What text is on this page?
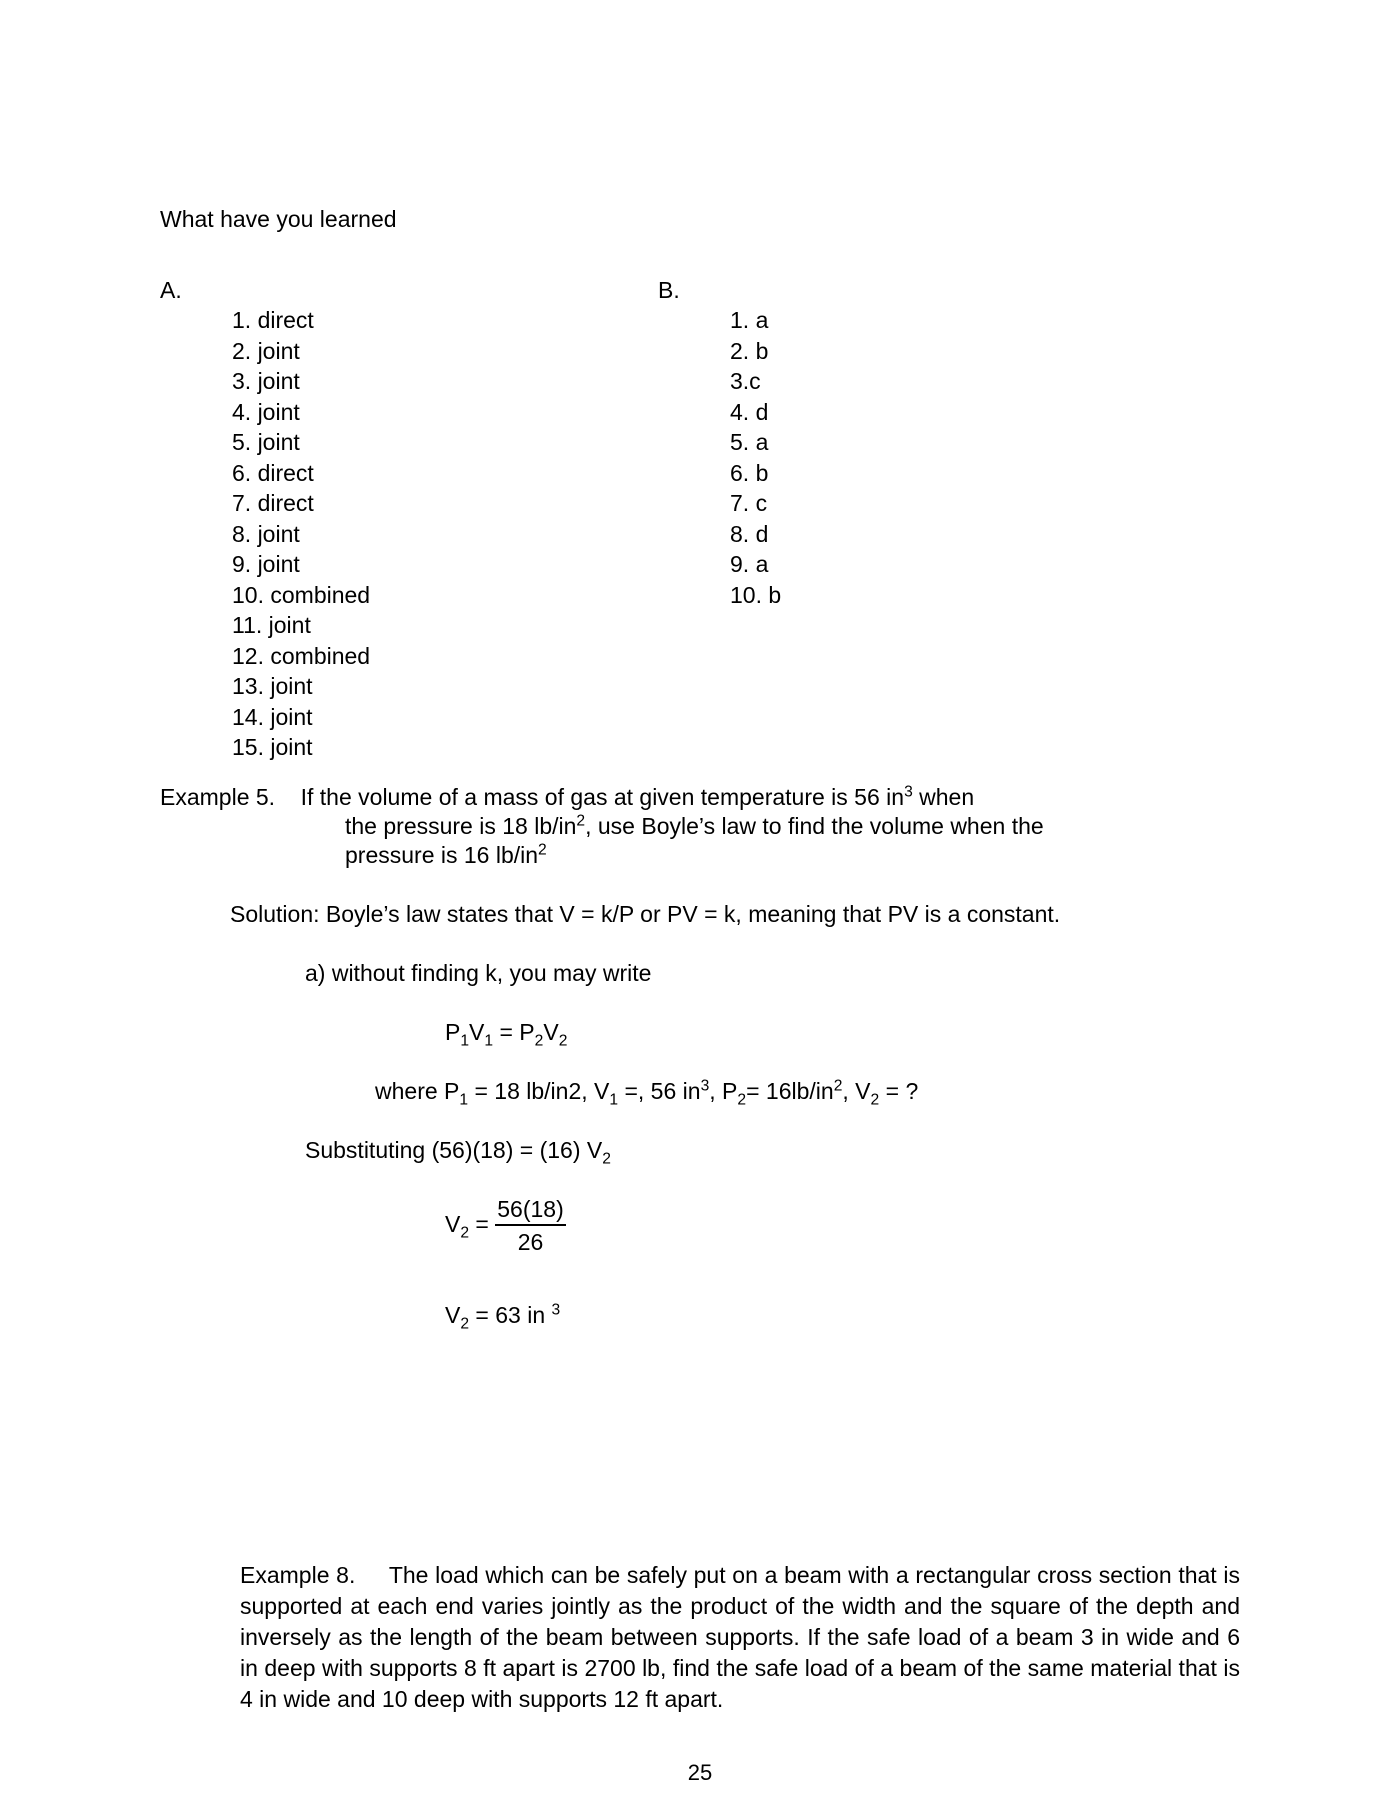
What have you learned
A.
1. direct
2. joint
3. joint
4. joint
5. joint
6. direct
7. direct
8. joint
9. joint
10. combined
11. joint
12. combined
13. joint
14. joint
15. joint
B.
1. a
2. b
3.c
4. d
5. a
6. b
7. c
8. d
9. a
10. b
Example 5. If the volume of a mass of gas at given temperature is 56 $in^3$ when
the pressure is 18 $lb/in^2$, use Boyle’s law to find the volume when the
pressure is 16 $lb/in^2$
Solution: Boyle’s law states that V = k/P or PV = k, meaning that PV is a constant.
a) without finding k, you may write
$P_1V_1 = P_2V_2$
where $P_1 = 18$ lb/in2, $V_1$ =, 56 $in^3$, $P_2= 16lb/in^2$, $V_2$ = ?
Substituting (56)(18) = (16) $V_2$
$V_2 = \frac{56(18)}{26}$
$V_2 = 63$ in $^3$
Example 8. The load which can be safely put on a beam with a rectangular cross section that is supported at each end varies jointly as the product of the width and the square of the depth and inversely as the length of the beam between supports. If the safe load of a beam 3 in wide and 6 in deep with supports 8 ft apart is 2700 lb, find the safe load of a beam of the same material that is 4 in wide and 10 deep with supports 12 ft apart.
25
